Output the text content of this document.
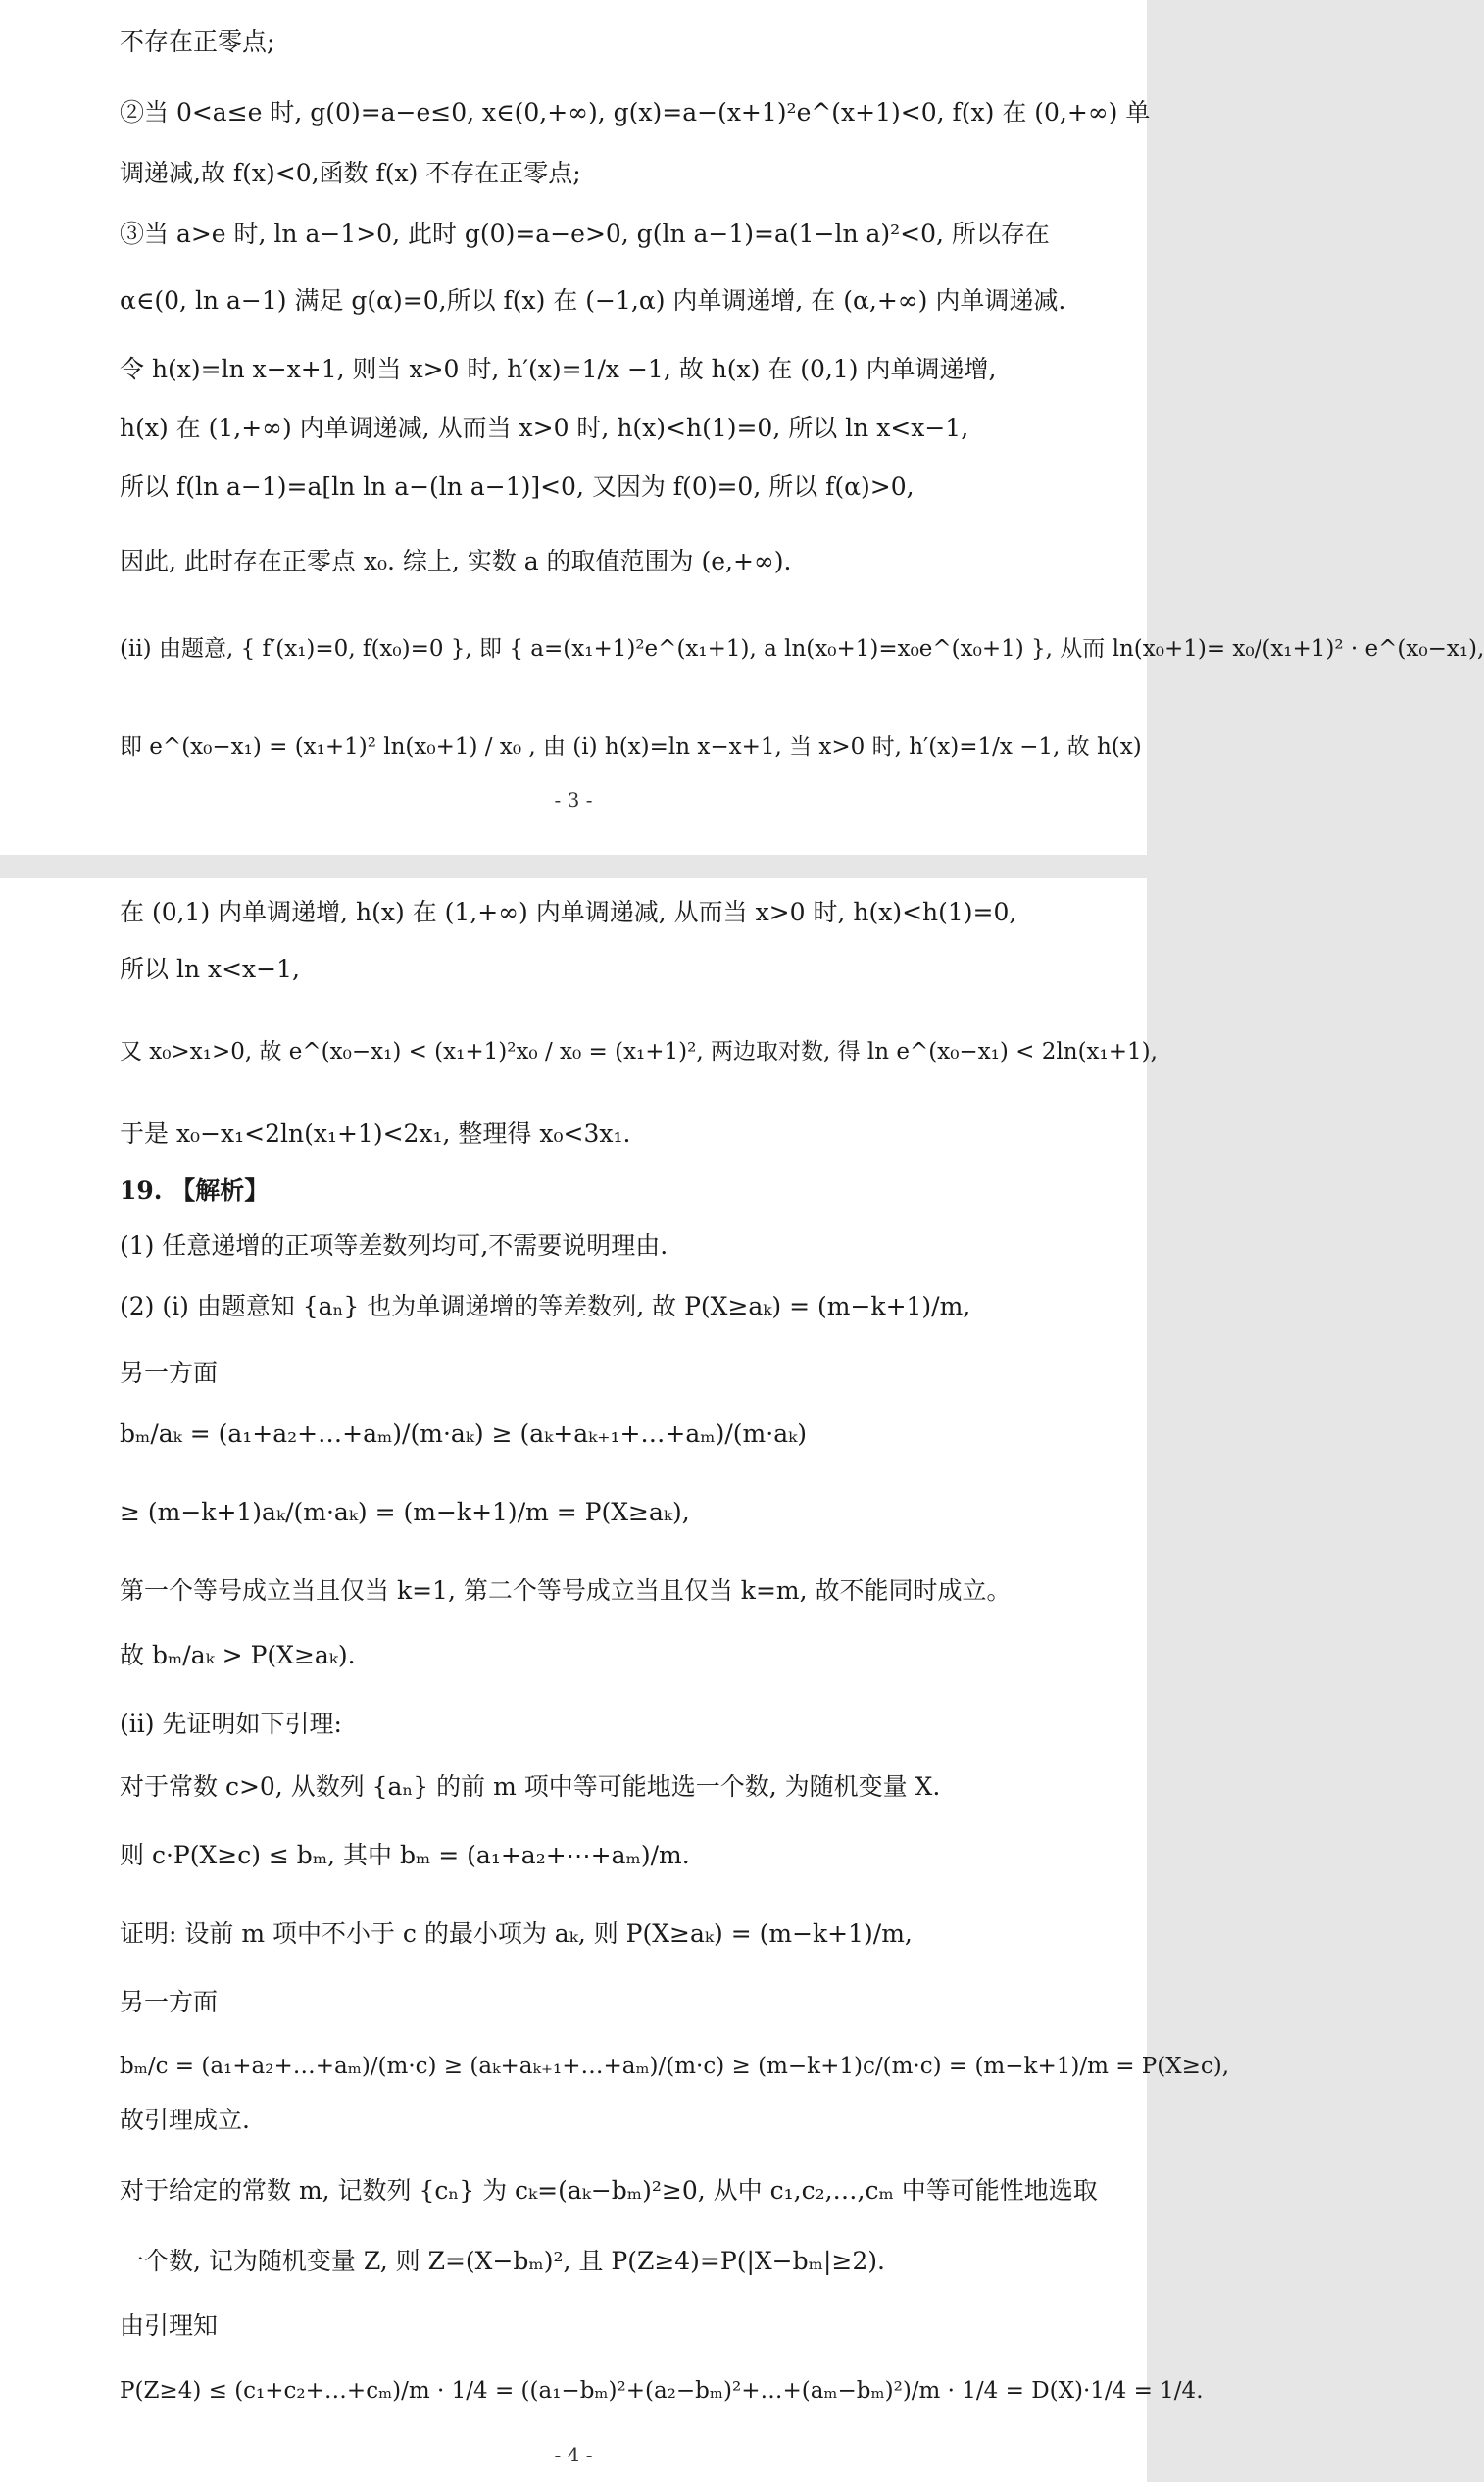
不存在正零点;
②当 0<a≤e 时, g(0)=a−e≤0, x∈(0,+∞), g(x)=a−(x+1)²e^(x+1)<0, f(x) 在 (0,+∞) 单
调递减,故 f(x)<0,函数 f(x) 不存在正零点;
③当 a>e 时, ln a−1>0, 此时 g(0)=a−e>0, g(ln a−1)=a(1−ln a)²<0, 所以存在
α∈(0, ln a−1) 满足 g(α)=0,所以 f(x) 在 (−1,α) 内单调递增, 在 (α,+∞) 内单调递减.
令 h(x)=ln x−x+1, 则当 x>0 时, h′(x)=1/x −1, 故 h(x) 在 (0,1) 内单调递增,
h(x) 在 (1,+∞) 内单调递减, 从而当 x>0 时, h(x)<h(1)=0, 所以 ln x<x−1,
所以 f(ln a−1)=a[ln ln a−(ln a−1)]<0, 又因为 f(0)=0, 所以 f(α)>0,
因此, 此时存在正零点 x₀. 综上, 实数 a 的取值范围为 (e,+∞).
(ii) 由题意, { f′(x₁)=0, f(x₀)=0 }, 即 { a=(x₁+1)²e^(x₁+1), a ln(x₀+1)=x₀e^(x₀+1) }, 从而 ln(x₀+1)= x₀/(x₁+1)² · e^(x₀−x₁),
即 e^(x₀−x₁) = (x₁+1)² ln(x₀+1) / x₀ , 由 (i) h(x)=ln x−x+1, 当 x>0 时, h′(x)=1/x −1, 故 h(x)
- 3 -
在 (0,1) 内单调递增, h(x) 在 (1,+∞) 内单调递减, 从而当 x>0 时, h(x)<h(1)=0,
所以 ln x<x−1,
又 x₀>x₁>0, 故 e^(x₀−x₁) < (x₁+1)²x₀ / x₀ = (x₁+1)², 两边取对数, 得 ln e^(x₀−x₁) < 2ln(x₁+1),
于是 x₀−x₁<2ln(x₁+1)<2x₁, 整理得 x₀<3x₁.
19. 【解析】
(1) 任意递增的正项等差数列均可,不需要说明理由.
(2) (i) 由题意知 {aₙ} 也为单调递增的等差数列, 故 P(X≥aₖ) = (m−k+1)/m,
另一方面
bₘ/aₖ = (a₁+a₂+…+aₘ)/(m·aₖ) ≥ (aₖ+aₖ₊₁+…+aₘ)/(m·aₖ)
≥ (m−k+1)aₖ/(m·aₖ) = (m−k+1)/m = P(X≥aₖ),
第一个等号成立当且仅当 k=1, 第二个等号成立当且仅当 k=m, 故不能同时成立。
故 bₘ/aₖ > P(X≥aₖ).
(ii) 先证明如下引理:
对于常数 c>0, 从数列 {aₙ} 的前 m 项中等可能地选一个数, 为随机变量 X.
则 c·P(X≥c) ≤ bₘ, 其中 bₘ = (a₁+a₂+⋯+aₘ)/m.
证明: 设前 m 项中不小于 c 的最小项为 aₖ, 则 P(X≥aₖ) = (m−k+1)/m,
另一方面
bₘ/c = (a₁+a₂+…+aₘ)/(m·c) ≥ (aₖ+aₖ₊₁+…+aₘ)/(m·c) ≥ (m−k+1)c/(m·c) = (m−k+1)/m = P(X≥c),
故引理成立.
对于给定的常数 m, 记数列 {cₙ} 为 cₖ=(aₖ−bₘ)²≥0, 从中 c₁,c₂,…,cₘ 中等可能性地选取
一个数, 记为随机变量 Z, 则 Z=(X−bₘ)², 且 P(Z≥4)=P(|X−bₘ|≥2).
由引理知
P(Z≥4) ≤ (c₁+c₂+…+cₘ)/m · 1/4 = ((a₁−bₘ)²+(a₂−bₘ)²+…+(aₘ−bₘ)²)/m · 1/4 = D(X)·1/4 = 1/4.
- 4 -
